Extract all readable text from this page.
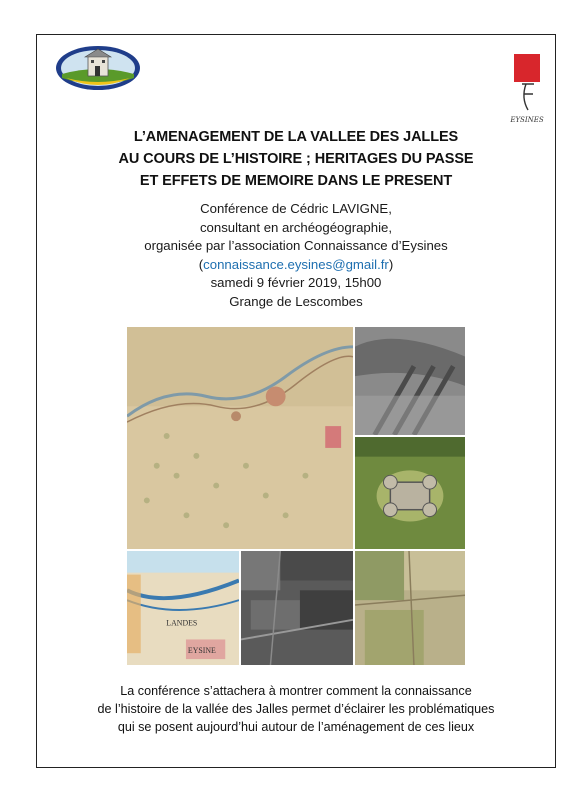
EYSINES
L’AMENAGEMENT DE LA VALLEE DES JALLES
AU COURS DE L’HISTOIRE ; HERITAGES DU PASSE
ET EFFETS DE MEMOIRE DANS LE PRESENT
Conférence de Cédric LAVIGNE,
consultant en archéogéographie,
organisée par l’association Connaissance d’Eysines
(connaissance.eysines@gmail.fr)
samedi 9 février 2019, 15h00
Grange de Lescombes
LANDES
EYSINE
La conférence s’attachera à montrer comment la connaissance
de l’histoire de la vallée des Jalles permet d’éclairer les problématiques
qui se posent aujourd’hui autour de l’aménagement de ces lieux
